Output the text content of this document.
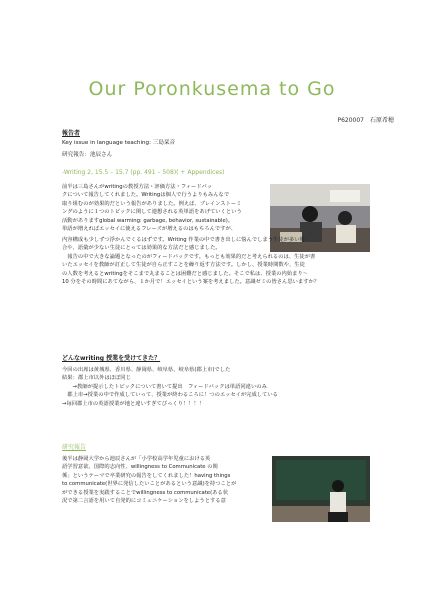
Our Poronkusema to Go
P620007　石原希穂
報告者
Key issue in language teaching: 三島栞音
研究報告：池辰さん
-Writing 2, 15.5 – 15.7 (pp. 491 – 508)( + Appendices)

前半は三島さんがwritingの教授方法・評価方法・フィードバッ

クについて報告してくれました。Writingは個人で行うよりもみんなで

取り組むのが効果的だという報告がありました。例えば、ブレインストーミ

ングのように１つのトピックに関して連想される英単語をあげていくという

活動がありますglobal warming: garbage, behavior, sustainable)。

単語が増えればエッセイに使えるフレーズが増えるのはもちろんですが、

内容構成も少しずつ浮かんでくるはずです。Writing 作業の中で書き出しに悩んでしまう生徒が多い場

合や、語彙が少ない生徒にとっては効果的な方法だと感じました。

　報告の中で大きな論題となったのがフィードバックです。もっとも効果的だと考えられるのは、生徒が書

いたエッセイを教師が訂正して生徒が自ら正すことを繰り返す方法です。しかし、授業時間数や、生徒

の人数を考えるとwritingをそこまで丸まることは困難だと感じました。そこで私は、授業の内始まり～

10 分をその時間にあてながら、１か月で！エッセイという案を考えました。意識ゼミの皆さん思いますか？

どんなwriting 授業を受けてきた？

今回の出席は黄城県、香川県、静岡県、岐阜県、岐阜県(郡上市)でした

結果：郡上市以外はほぼ同じ

　　→教師が提示したトピックについて書いて提出　フィードバックは単語同違いのみ

　郡上市→授業の中で作成していって、授業が終わるころに！つのエッセイが完成している

→毎回郡上市の英語授業が地と違いすぎてびっくり！！！！

研究報告

後半は静岡大学から池辰さんが「小学校高学年児童における英

語学習意欲、国際的志向性、willingness to Communicate の関

係」というテーマで卒業研究の報告をしてくれました！having things

to communicate(世界に発信したいことがあるという意識)を持つことが

ができる授業を実践することでwillingness to communicate(ある状

況で第二言語を用いて自発的にコミュニケーションをしようとする意
